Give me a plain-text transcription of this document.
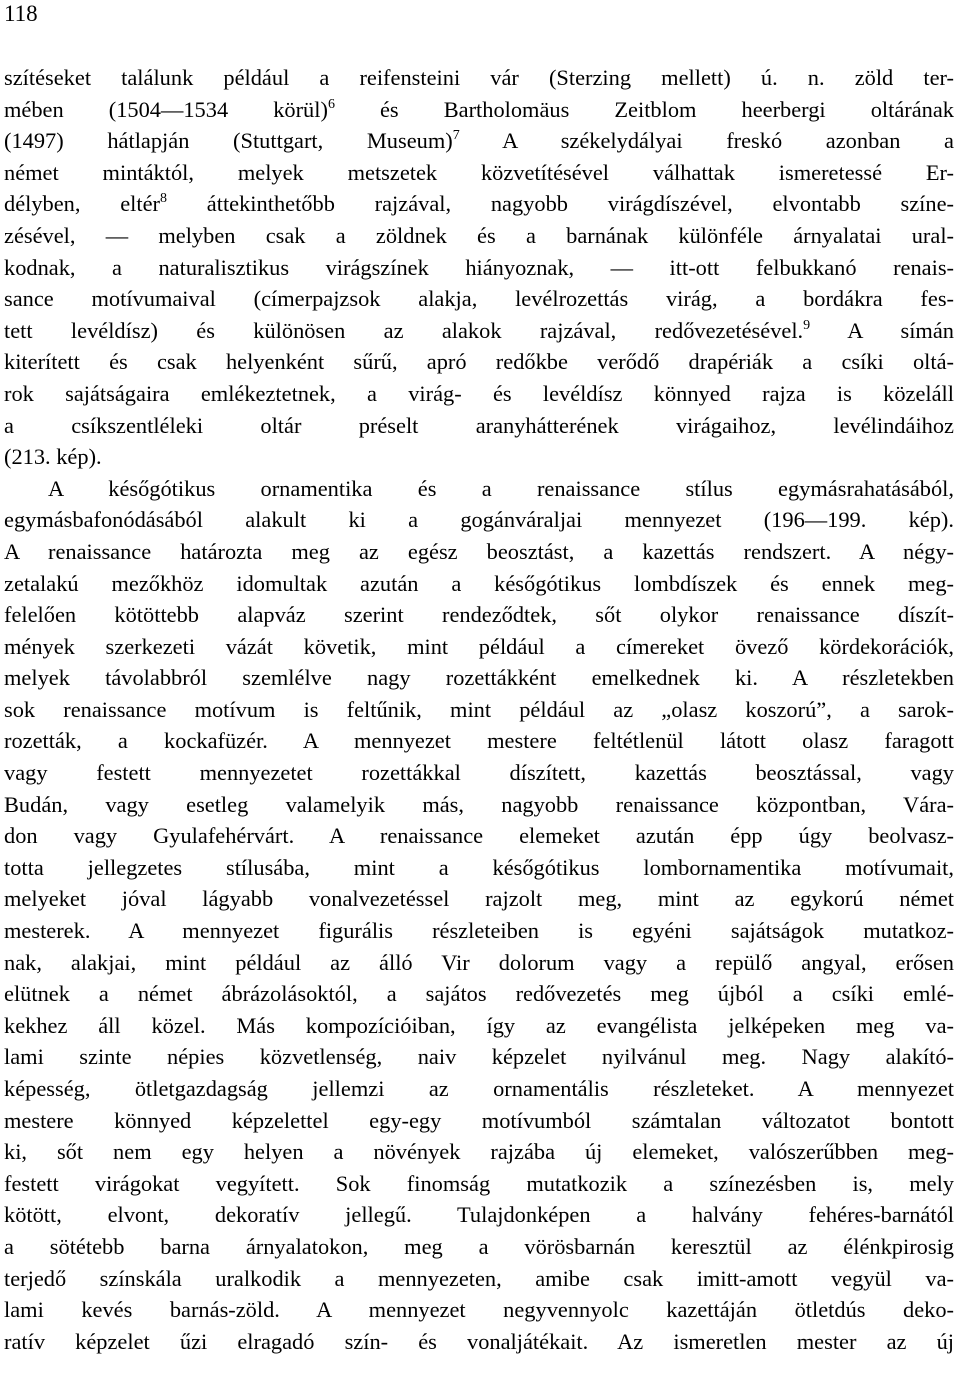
118
szítéseket találunk például a reifensteini vár (Sterzing mellett) ú. n. zöld ter-
mében (1504—1534 körül)$^6$ és Bartholomäus Zeitblom heerbergi oltárának
(1497) hátlapján (Stuttgart, Museum)$^7$ A székelydályai freskó azonban a
német mintáktól, melyek metszetek közvetítésével válhattak ismeretessé Er-
délyben, eltér$^8$ áttekinthetőbb rajzával, nagyobb virágdíszével, elvontabb színe-
zésével, — melyben csak a zöldnek és a barnának különféle árnyalatai ural-
kodnak, a naturalisztikus virágszínek hiányoznak, — itt-ott felbukkanó renais-
sance motívumaival (címerpajzsok alakja, levélrozettás virág, a bordákra fes-
tett levéldísz) és különösen az alakok rajzával, redővezetésével.$^9$ A símán
kiterített és csak helyenként sűrű, apró redőkbe verődő drapériák a csíki oltá-
rok sajátságaira emlékeztetnek, a virág- és levéldísz könnyed rajza is közeláll
a csíkszentléleki oltár préselt aranyhátterének virágaihoz, levélindáihoz
(213. kép).
A későgótikus ornamentika és a renaissance stílus egymásrahatásából,
egymásbafonódásából alakult ki a gogánváraljai mennyezet (196—199. kép).
A renaissance határozta meg az egész beosztást, a kazettás rendszert. A négy-
zetalakú mezőkhöz idomultak azután a későgótikus lombdíszek és ennek meg-
felelően kötöttebb alapváz szerint rendeződtek, sőt olykor renaissance díszít-
mények szerkezeti vázát követik, mint például a címereket övező kördekorációk,
melyek távolabbról szemlélve nagy rozettákként emelkednek ki. A részletekben
sok renaissance motívum is feltűnik, mint például az „olasz koszorú”, a sarok-
rozetták, a kockafüzér. A mennyezet mestere feltétlenül látott olasz faragott
vagy festett mennyezetet rozettákkal díszített, kazettás beosztással, vagy
Budán, vagy esetleg valamelyik más, nagyobb renaissance központban, Vára-
don vagy Gyulafehérvárt. A renaissance elemeket azután épp úgy beolvasz-
totta jellegzetes stílusába, mint a későgótikus lombornamentika motívumait,
melyeket jóval lágyabb vonalvezetéssel rajzolt meg, mint az egykorú német
mesterek. A mennyezet figurális részleteiben is egyéni sajátságok mutatkoz-
nak, alakjai, mint például az álló Vir dolorum vagy a repülő angyal, erősen
elütnek a német ábrázolásoktól, a sajátos redővezetés meg újból a csíki emlé-
kekhez áll közel. Más kompozícióiban, így az evangélista jelképeken meg va-
lami szinte népies közvetlenség, naiv képzelet nyilvánul meg. Nagy alakító-
képesség, ötletgazdagság jellemzi az ornamentális részleteket. A mennyezet
mestere könnyed képzelettel egy-egy motívumból számtalan változatot bontott
ki, sőt nem egy helyen a növények rajzába új elemeket, valószerűbben meg-
festett virágokat vegyített. Sok finomság mutatkozik a színezésben is, mely
kötött, elvont, dekoratív jellegű. Tulajdonképen a halvány fehéres-barnától
a sötétebb barna árnyalatokon, meg a vörösbarnán keresztül az élénkpirosig
terjedő színskála uralkodik a mennyezeten, amibe csak imitt-amott vegyül va-
lami kevés barnás-zöld. A mennyezet negyvennyolc kazettáján ötletdús deko-
ratív képzelet űzi elragadó szín- és vonaljátékait. Az ismeretlen mester az új
